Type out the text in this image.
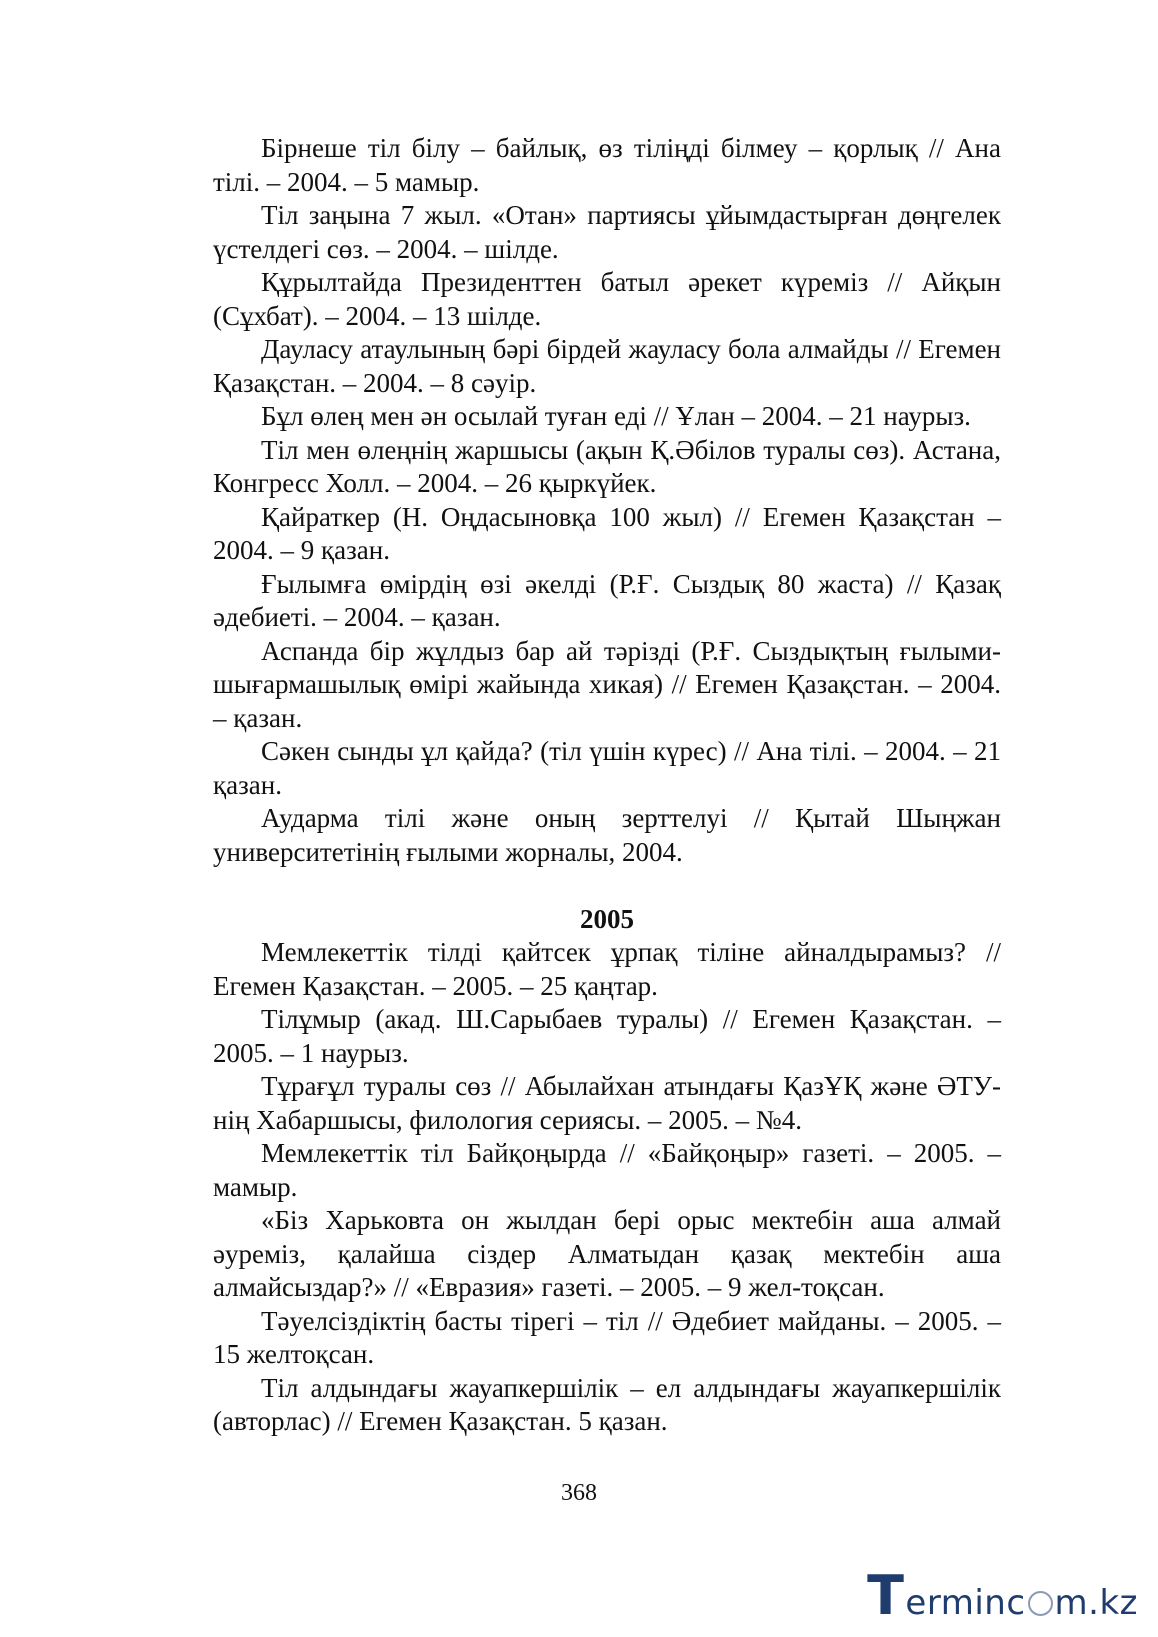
Бірнеше тіл білу – байлық, өз тіліңді білмеу – қорлық // Ана тілі. – 2004. – 5 мамыр.

Тіл заңына 7 жыл. «Отан» партиясы ұйымдастырған дөңгелек үстелдегі сөз. – 2004. – шілде.

Құрылтайда Президенттен батыл әрекет күреміз // Айқын (Сұхбат). – 2004. – 13 шілде.

Дауласу атаулының бәрі бірдей жауласу бола алмайды // Егемен Қазақстан. – 2004. – 8 сәуір.

Бұл өлең мен ән осылай туған еді // Ұлан – 2004. – 21 наурыз.

Тіл мен өлеңнің жаршысы (ақын Қ.Әбілов туралы сөз). Астана, Конгресс Холл. – 2004. – 26 қыркүйек.

Қайраткер (Н. Оңдасыновқа 100 жыл) // Егемен Қазақстан – 2004. – 9 қазан.

Ғылымға өмірдің өзі әкелді (Р.Ғ. Сыздық 80 жаста) // Қазақ әдебиеті. – 2004. – қазан.

Аспанда бір жұлдыз бар ай тәрізді (Р.Ғ. Сыздықтың ғылыми-шығармашылық өмірі жайында хикая) // Егемен Қазақстан. – 2004. – қазан.

Сәкен сынды ұл қайда? (тіл үшін күрес) // Ана тілі. – 2004. – 21 қазан.

Аударма тілі және оның зерттелуі // Қытай Шыңжан университетінің ғылыми жорналы, 2004.

2005

Мемлекеттік тілді қайтсек ұрпақ тіліне айналдырамыз? // Егемен Қазақстан. – 2005. – 25 қаңтар.

Тілұмыр (акад. Ш.Сарыбаев туралы) // Егемен Қазақстан. – 2005. – 1 наурыз.

Тұрағұл туралы сөз // Абылайхан атындағы ҚазҰҚ және ӘТУ-нің Хабаршысы, филология сериясы. – 2005. – №4.

Мемлекеттік тіл Байқоңырда // «Байқоңыр» газеті. – 2005. – мамыр.

«Біз Харьковта он жылдан бері орыс мектебін аша алмай әуреміз, қалайша сіздер Алматыдан қазақ мектебін аша алмайсыздар?» // «Евразия» газеті. – 2005. – 9 жел-тоқсан.

Тәуелсіздіктің басты тірегі – тіл // Әдебиет майданы. – 2005. – 15 желтоқсан.

Тіл алдындағы жауапкершілік – ел алдындағы жауапкершілік (авторлас) // Егемен Қазақстан. 5 қазан.

368
T erminc m.kz
